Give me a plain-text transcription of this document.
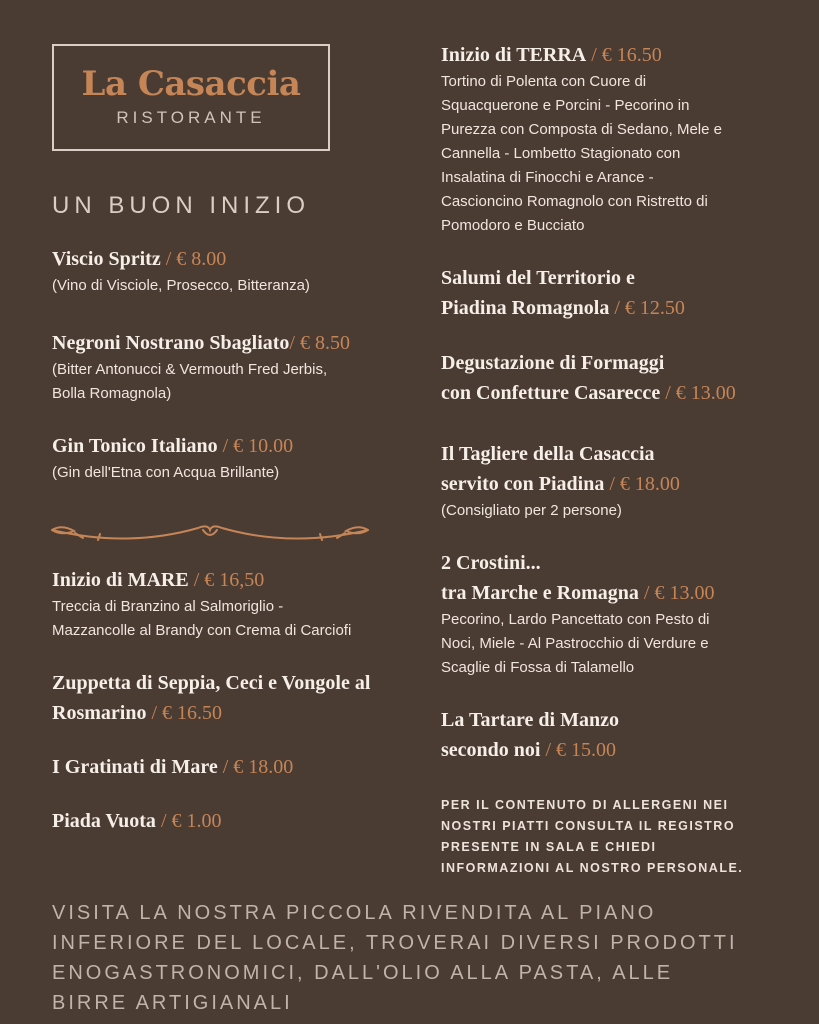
La Casaccia
RISTORANTE
UN BUON INIZIO
Viscio Spritz / € 8.00
(Vino di Visciole, Prosecco, Bitteranza)
Negroni Nostrano Sbagliato/ € 8.50
(Bitter Antonucci & Vermouth Fred Jerbis,
Bolla Romagnola)
Gin Tonico Italiano / € 10.00
(Gin dell'Etna con Acqua Brillante)
Inizio di MARE / € 16,50
Treccia di Branzino al Salmoriglio -
Mazzancolle al Brandy con Crema di Carciofi
Zuppetta di Seppia, Ceci e Vongole al
Rosmarino / € 16.50
I Gratinati di Mare / € 18.00
Piada Vuota / € 1.00
Inizio di TERRA / € 16.50
Tortino di Polenta con Cuore di
Squacquerone e Porcini - Pecorino in
Purezza con Composta di Sedano, Mele e
Cannella - Lombetto Stagionato con
Insalatina di Finocchi e Arance -
Cascioncino Romagnolo con Ristretto di
Pomodoro e Bucciato
Salumi del Territorio e
Piadina Romagnola / € 12.50
Degustazione di Formaggi
con Confetture Casarecce / € 13.00
Il Tagliere della Casaccia
servito con Piadina / € 18.00
(Consigliato per 2 persone)
2 Crostini...
tra Marche e Romagna / € 13.00
Pecorino, Lardo Pancettato con Pesto di
Noci, Miele - Al Pastrocchio di Verdure e
Scaglie di Fossa di Talamello
La Tartare di Manzo
secondo noi / € 15.00
PER IL CONTENUTO DI ALLERGENI NEI
NOSTRI PIATTI CONSULTA IL REGISTRO
PRESENTE IN SALA E CHIEDI
INFORMAZIONI AL NOSTRO PERSONALE.
VISITA LA NOSTRA PICCOLA RIVENDITA AL PIANO
INFERIORE DEL LOCALE, TROVERAI DIVERSI PRODOTTI
ENOGASTRONOMICI, DALL'OLIO ALLA PASTA, ALLE
BIRRE ARTIGIANALI
